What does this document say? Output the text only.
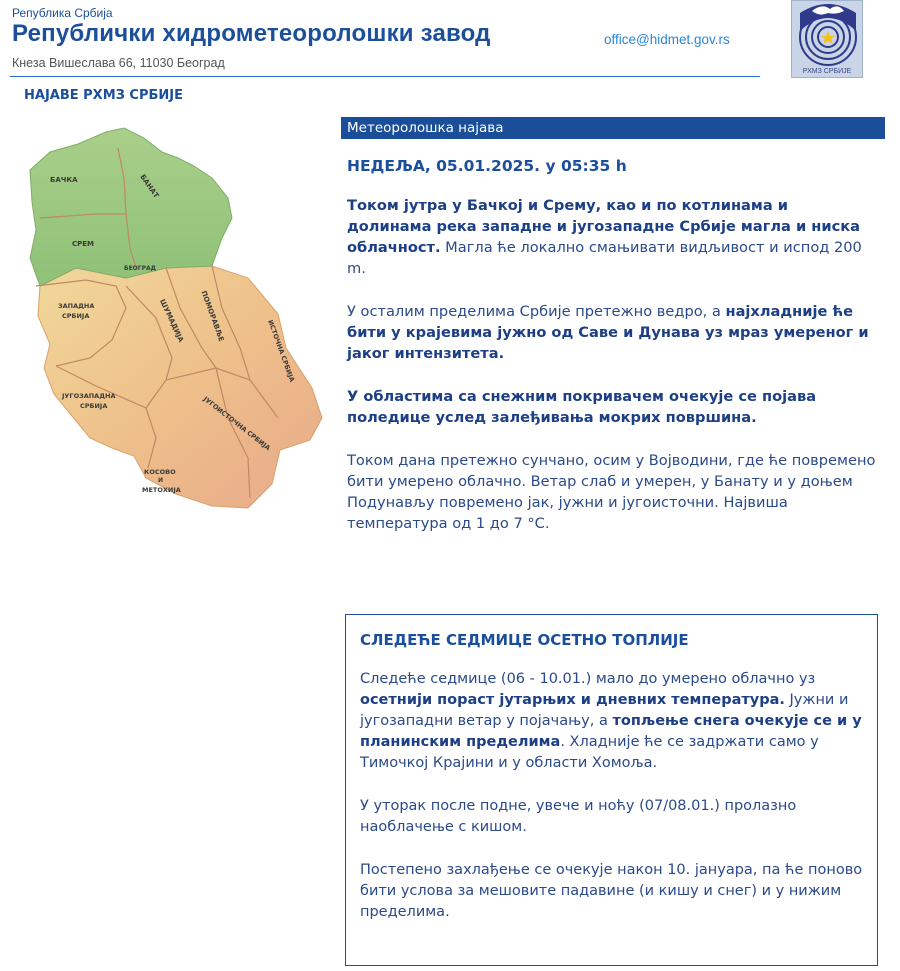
Република Србија
Републички хидрометеоролошки завод
Кнеза Вишеслава 66, 11030 Београд
office@hidmet.gov.rs
РХМЗ СРБИЈЕ
НАЈАВЕ РХМЗ СРБИЈЕ
БАЧКА	БАНАТ
СРЕМ
БЕОГРАД
ЗАПАДНА
СРБИЈА	ШУМАДИЈА ПОМОРАВЉЕ
ИСТОЧНА СРБИЈА
ЈУГОЗАПАДНА
СРБИЈА	ЈУГОИСТОЧНА СРБИЈА
КОСОВО
И
МЕТОХИЈА
Метеоролошка најава
НЕДЕЉА, 05.01.2025. у 05:35 h

Током јутра у Бачкој и Срему, као и по котлинама и долинама река западне и југозападне Србије магла и ниска облачност. Магла ће локално смањивати видљивост и испод 200 m.

У осталим пределима Србије претежно ведро, а најхладније ће бити у крајевима јужно од Саве и Дунава уз мраз умереног и јаког интензитета.

У областима са снежним покривачем очекује се појава поледице услед залеђивања мокрих површина.

Током дана претежно сунчано, осим у Војводини, где ће повремено бити умерено облачно. Ветар слаб и умерен, у Банату и у доњем Подунављу повремено јак, јужни и југоисточни. Највиша температура од 1 до 7 °C.

СЛЕДЕЋЕ СЕДМИЦЕ ОСЕТНО ТОПЛИЈЕ

Следеће седмице (06 - 10.01.) мало до умерено облачно уз осетнији пораст јутарњих и дневних температура. Јужни и југозападни ветар у појачању, а топљење снега очекује се и у планинским пределима. Хладније ће се задржати само у Тимочкој Крајини и у области Хомоља.

У уторак после подне, увече и ноћу (07/08.01.) пролазно наоблачење с кишом.

Постепено захлађење се очекује након 10. јануара, па ће поново бити услова за мешовите падавине (и кишу и снег) и у нижим пределима.
